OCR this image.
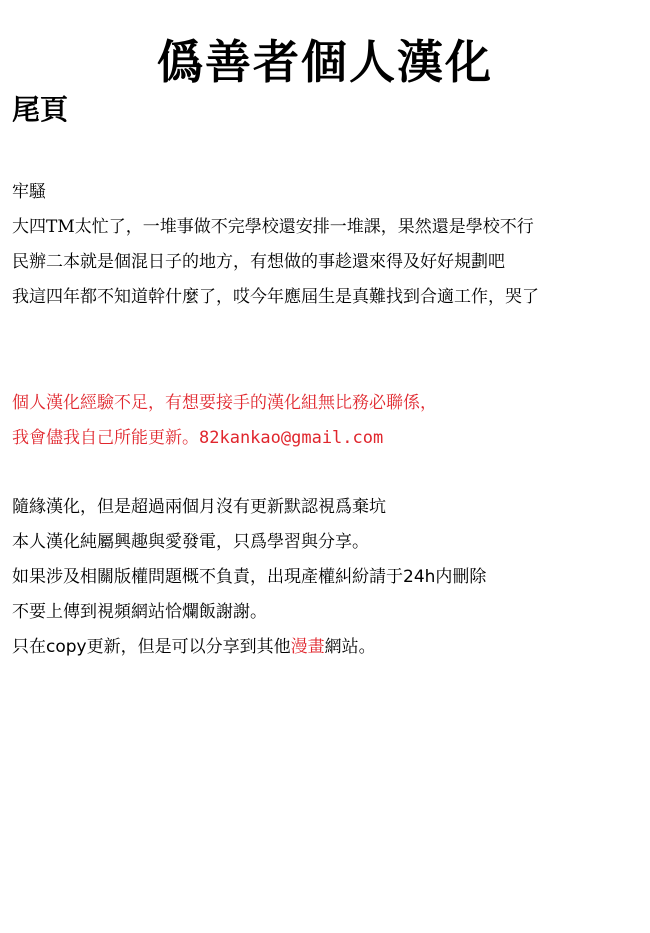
僞善者個人漢化
尾頁
牢騷
大四TM太忙了，一堆事做不完學校還安排一堆課，果然還是學校不行
民辦二本就是個混日子的地方，有想做的事趁還來得及好好規劃吧
我這四年都不知道幹什麼了，哎今年應屆生是真難找到合適工作，哭了
個人漢化經驗不足，有想要接手的漢化組無比務必聯係，
我會儘我自己所能更新。82kankao@gmail.com
隨緣漢化，但是超過兩個月沒有更新默認視爲棄坑
本人漢化純屬興趣與愛發電，只爲學習與分享。
如果涉及相關版權問題概不負責，出現產權糾紛請于24h内刪除
不要上傳到視頻網站恰爛飯謝謝。
只在copy更新，但是可以分享到其他漫畫網站。
